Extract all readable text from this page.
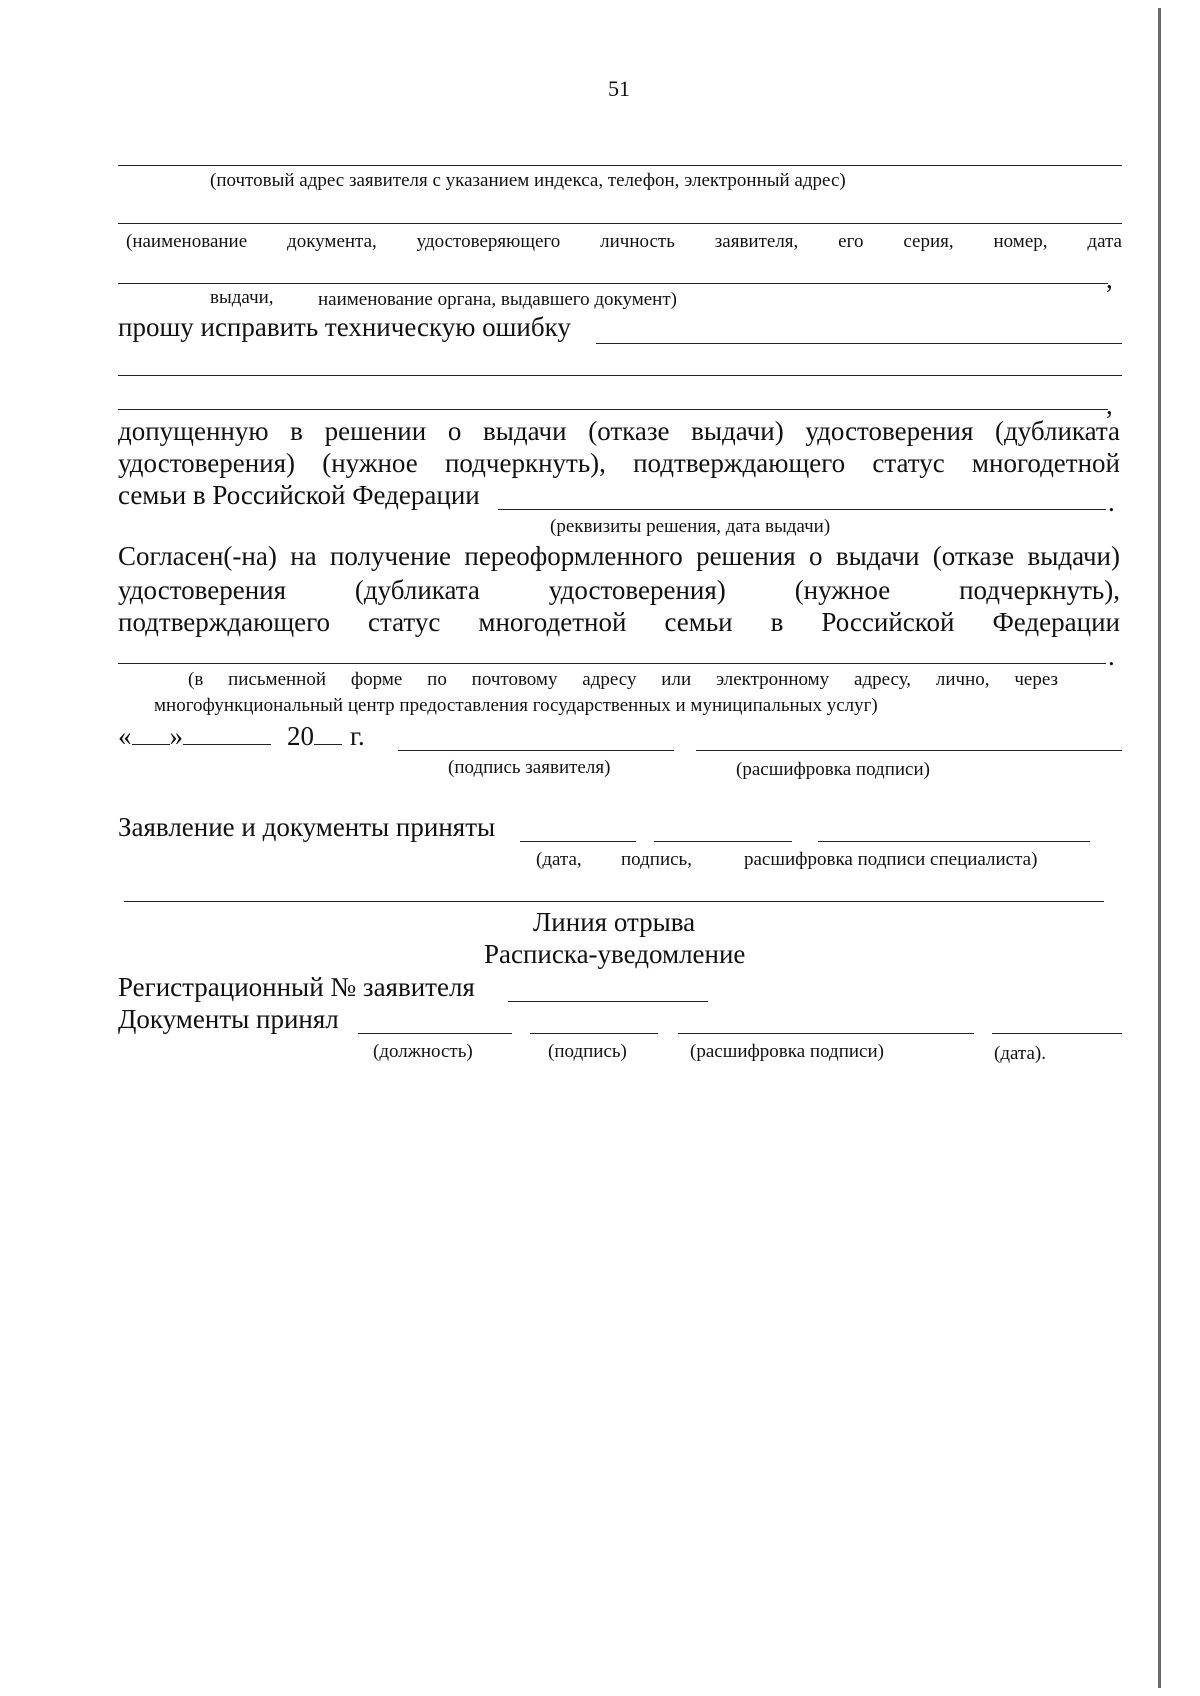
51
(почтовый адрес заявителя с указанием индекса, телефон, электронный адрес)
(наименование документа, удостоверяющего личность заявителя, его серия, номер, дата
,
выдачи, наименование органа, выдавшего документ)
прошу исправить техническую ошибку
,
допущенную в решении о выдачи (отказе выдачи) удостоверения (дубликата
удостоверения) (нужное подчеркнуть), подтверждающего статус многодетной
семьи в Российской Федерации	.
(реквизиты решения, дата выдачи)
Согласен(-на) на получение переоформленного решения о выдачи (отказе выдачи)
удостоверения (дубликата удостоверения) (нужное подчеркнуть),
подтверждающего статус многодетной семьи в Российской Федерации
.
(в письменной форме по почтовому адресу или электронному адресу, лично, через
многофункциональный центр предоставления государственных и муниципальных услуг)
« »	20 г.
(подпись заявителя)	(расшифровка подписи)
Заявление и документы приняты
(дата, подпись,	расшифровка подписи специалиста)
Линия отрыва
Расписка-уведомление
Регистрационный № заявителя
Документы принял
(должность)	(подпись)	(расшифровка подписи)	(дата).
